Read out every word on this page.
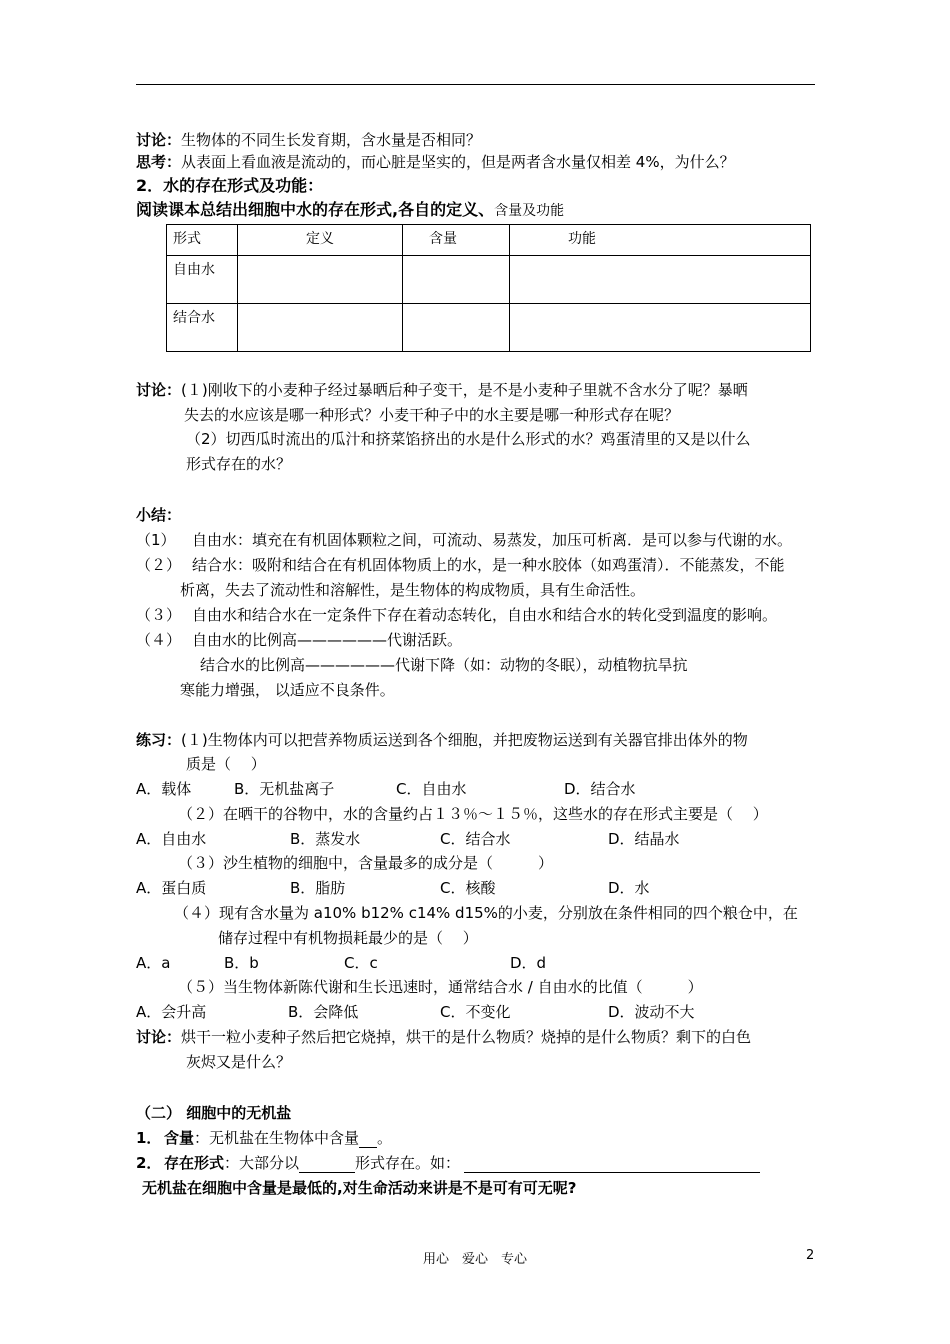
讨论：生物体的不同生长发育期，含水量是否相同？
思考：从表面上看血液是流动的，而心脏是坚实的，但是两者含水量仅相差 4%，为什么？
2．水的存在形式及功能：
阅读课本总结出细胞中水的存在形式,各自的定义、含量及功能
形式	定义	含量	功能
自由水			
结合水			
讨论：(１)刚收下的小麦种子经过暴晒后种子变干，是不是小麦种子里就不含水分了呢？暴晒
失去的水应该是哪一种形式？小麦干种子中的水主要是哪一种形式存在呢？
（2）切西瓜时流出的瓜汁和挤菜馅挤出的水是什么形式的水？鸡蛋清里的又是以什么
形式存在的水？
小结：
（1） 自由水：填充在有机固体颗粒之间，可流动、易蒸发，加压可析离．是可以参与代谢的水。
（２） 结合水：吸附和结合在有机固体物质上的水，是一种水胶体（如鸡蛋清）．不能蒸发，不能
析离，失去了流动性和溶解性，是生物体的构成物质，具有生命活性。
（３） 自由水和结合水在一定条件下存在着动态转化，自由水和结合水的转化受到温度的影响。
（４） 自由水的比例高——————代谢活跃。
结合水的比例高——————代谢下降（如：动物的冬眠），动植物抗旱抗
寒能力增强， 以适应不良条件。
练习：(１)生物体内可以把营养物质运送到各个细胞，并把废物运送到有关器官排出体外的物
质是（　 ）
A．载体	B．无机盐离子	C．自由水	D．结合水
（２）在晒干的谷物中，水的含量约占１３％～１５％，这些水的存在形式主要是（　 ）
A．自由水	B．蒸发水	C．结合水	D．结晶水
（３）沙生植物的细胞中，含量最多的成分是（　　　）
A．蛋白质	B．脂肪	C．核酸	D．水
（４）现有含水量为 a10% b12% c14% d15%的小麦，分别放在条件相同的四个粮仓中，在
储存过程中有机物损耗最少的是（　 ）
A．a	B．b	C．c	D．d
（５）当生物体新陈代谢和生长迅速时，通常结合水 / 自由水的比值（　　　）
A．会升高	B．会降低	C．不变化	D．波动不大
讨论：烘干一粒小麦种子然后把它烧掉，烘干的是什么物质？烧掉的是什么物质？剩下的白色
灰烬又是什么？
（二） 细胞中的无机盐
1． 含量：无机盐在生物体中含量 。
2． 存在形式：大部分以	形式存在。如：
无机盐在细胞中含量是最低的,对生命活动来讲是不是可有可无呢?
用心　爱心　专心	2
